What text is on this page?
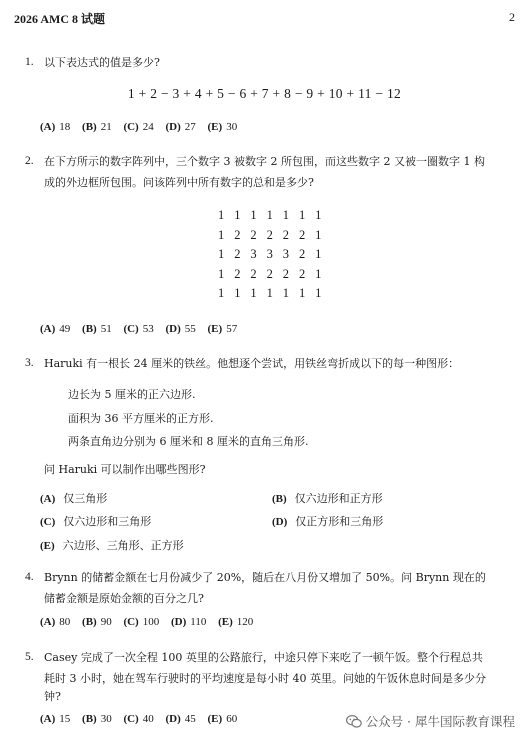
2026 AMC 8 试题	2
1. 以下表达式的值是多少?
1 + 2 − 3 + 4 + 5 − 6 + 7 + 8 − 9 + 10 + 11 − 12
(A) 18 (B) 21 (C) 24 (D) 27 (E) 30
2. 在下方所示的数字阵列中，三个数字 3 被数字 2 所包围，而这些数字 2 又被一圈数字 1 构
成的外边框所包围。问该阵列中所有数字的总和是多少?
1 1 1 1 1 1 1
1 2 2 2 2 2 1
1 2 3 3 3 2 1
1 2 2 2 2 2 1
1 1 1 1 1 1 1
(A) 49 (B) 51 (C) 53 (D) 55 (E) 57
3. Haruki 有一根长 24 厘米的铁丝。他想逐个尝试，用铁丝弯折成以下的每一种图形：
边长为 5 厘米的正六边形.
面积为 36 平方厘米的正方形.
两条直角边分别为 6 厘米和 8 厘米的直角三角形.
问 Haruki 可以制作出哪些图形?
(A) 仅三角形	(B) 仅六边形和正方形
(C) 仅六边形和三角形	(D) 仅正方形和三角形
(E) 六边形、三角形、正方形
4. Brynn 的储蓄金额在七月份减少了 20%，随后在八月份又增加了 50%。问 Brynn 现在的
储蓄金额是原始金额的百分之几?
(A) 80 (B) 90 (C) 100 (D) 110 (E) 120
5. Casey 完成了一次全程 100 英里的公路旅行，中途只停下来吃了一顿午饭。整个行程总共
耗时 3 小时，她在驾车行驶时的平均速度是每小时 40 英里。问她的午饭休息时间是多少分
钟?
(A) 15 (B) 30 (C) 40 (D) 45 (E) 60	公众号 · 犀牛国际教育课程
